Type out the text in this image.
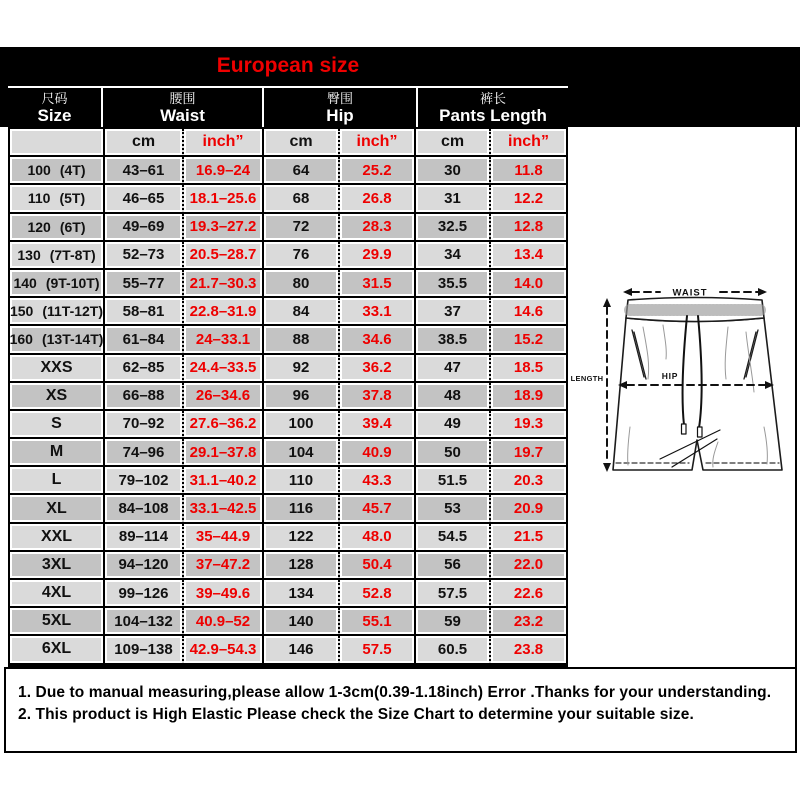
European size
尺码
Size
腰围
Waist
臀围
Hip
裤长
Pants Length
cm	inch”	cm	inch”	cm	inch”
100 (4T)	43–61	16.9–24	64	25.2	30	11.8
110 (5T)	46–65	18.1–25.6	68	26.8	31	12.2
120 (6T)	49–69	19.3–27.2	72	28.3	32.5	12.8
130 (7T-8T)	52–73	20.5–28.7	76	29.9	34	13.4
140 (9T-10T)	55–77	21.7–30.3	80	31.5	35.5	14.0
150 (11T-12T)	58–81	22.8–31.9	84	33.1	37	14.6
160 (13T-14T)	61–84	24–33.1	88	34.6	38.5	15.2
XXS	62–85	24.4–33.5	92	36.2	47	18.5
XS	66–88	26–34.6	96	37.8	48	18.9
S	70–92	27.6–36.2	100	39.4	49	19.3
M	74–96	29.1–37.8	104	40.9	50	19.7
L	79–102	31.1–40.2	110	43.3	51.5	20.3
XL	84–108	33.1–42.5	116	45.7	53	20.9
XXL	89–114	35–44.9	122	48.0	54.5	21.5
3XL	94–120	37–47.2	128	50.4	56	22.0
4XL	99–126	39–49.6	134	52.8	57.5	22.6
5XL	104–132	40.9–52	140	55.1	59	23.2
6XL	109–138	42.9–54.3	146	57.5	60.5	23.8
WAIST
HIP
LENGTH

1. Due to manual measuring,please allow 1-3cm(0.39-1.18inch) Error .Thanks for your understanding.

2. This product is High Elastic Please check the Size Chart to determine your suitable size.
